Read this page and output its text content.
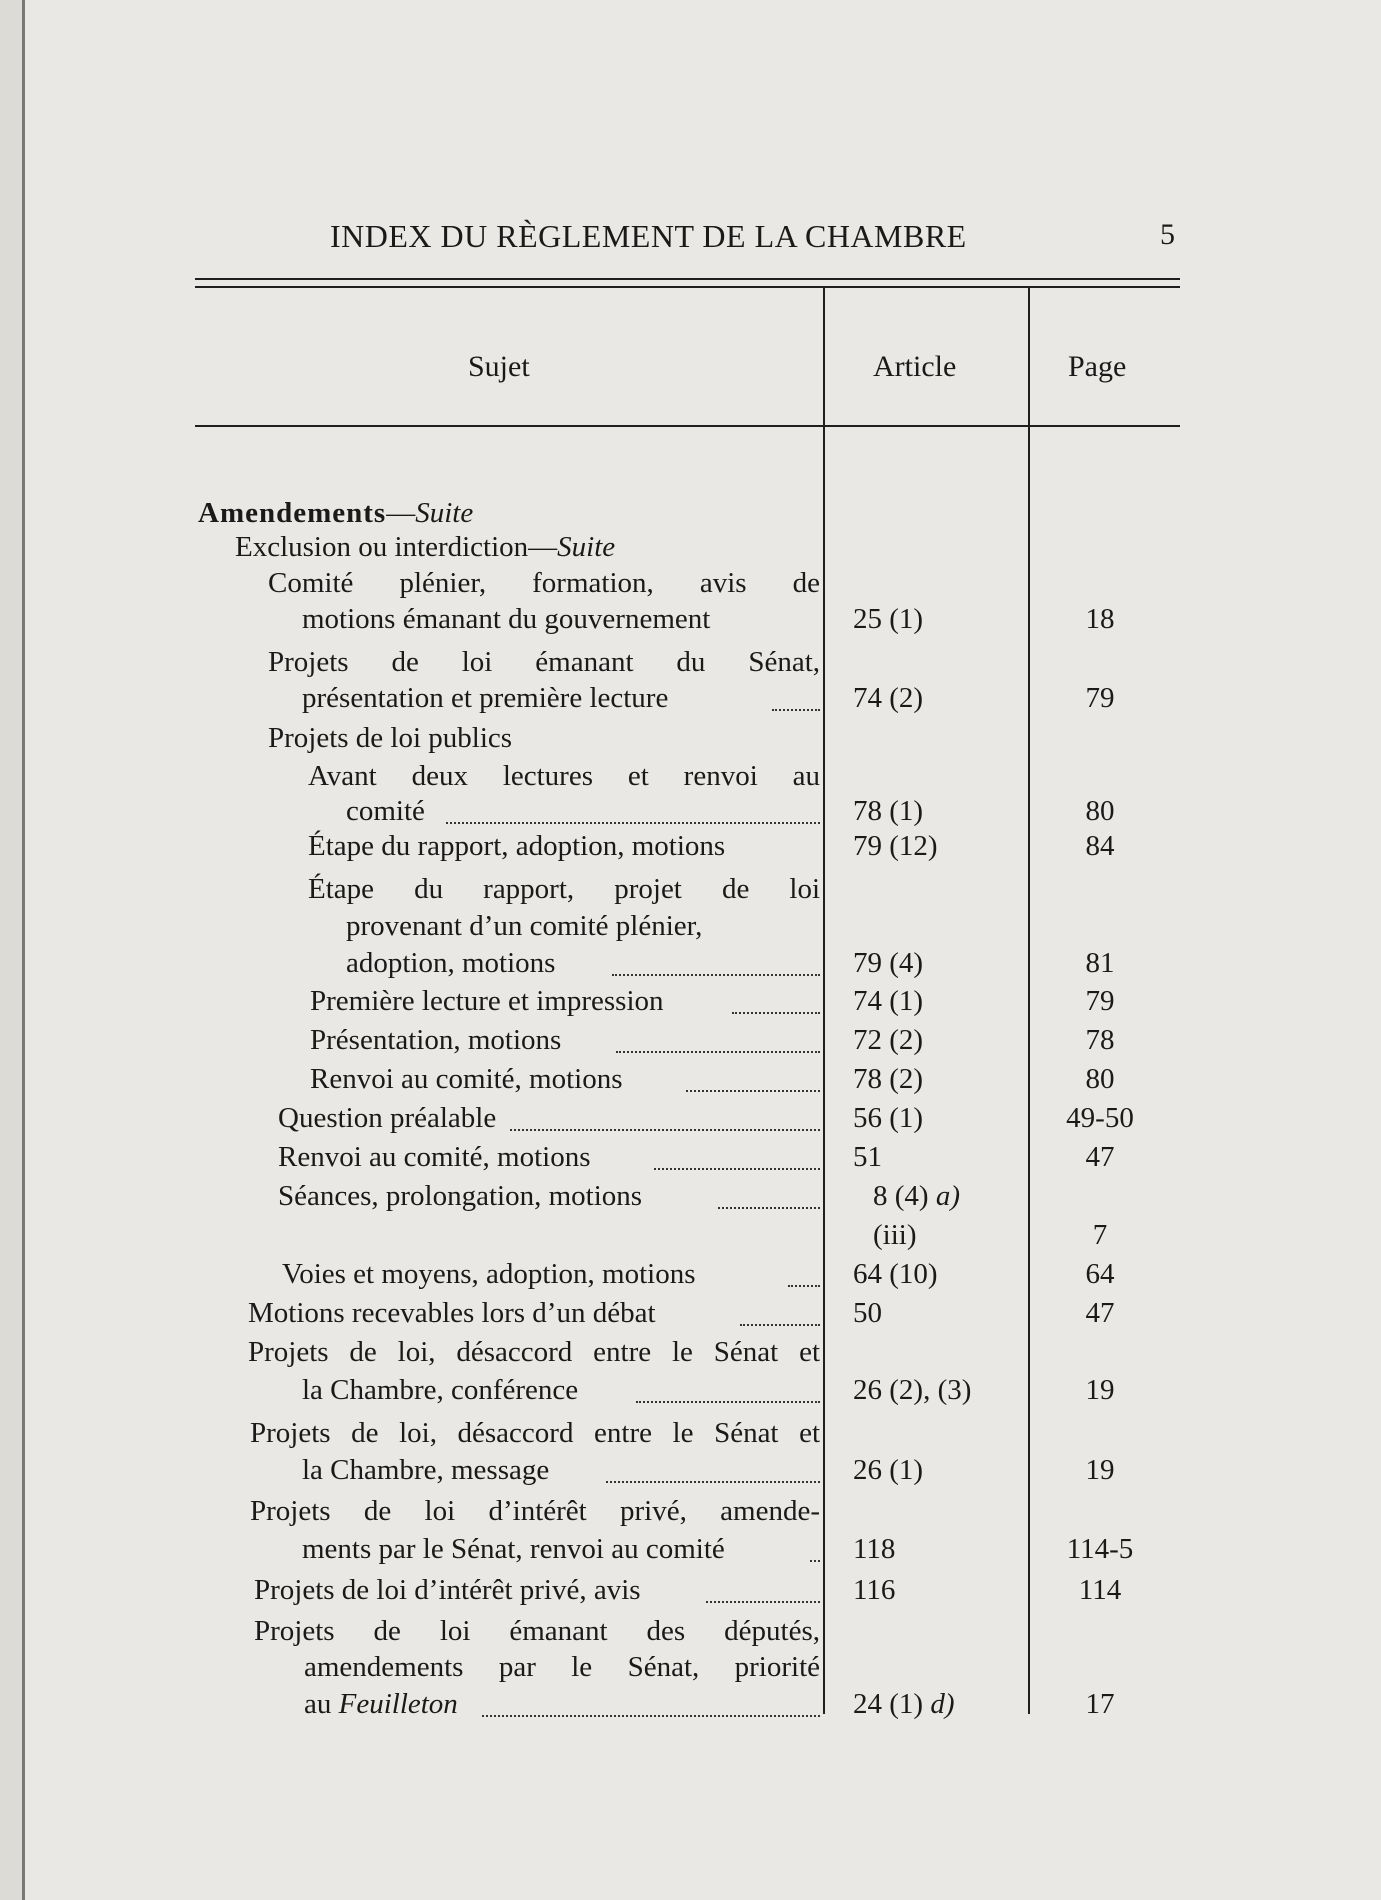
INDEX DU RÈGLEMENT DE LA CHAMBRE	5
Sujet	Article	Page
Amendements—Suite
Exclusion ou interdiction—Suite
Comité plénier, formation, avis de
motions émanant du gouvernement	25 (1)	18
Projets de loi émanant du Sénat,
présentation et première lecture	74 (2)	79
Projets de loi publics
Avant deux lectures et renvoi au
comité	78 (1)	80
Étape du rapport, adoption, motions	79 (12)	84
Étape du rapport, projet de loi
provenant d’un comité plénier,
adoption, motions	79 (4)	81
Première lecture et impression	74 (1)	79
Présentation, motions	72 (2)	78
Renvoi au comité, motions	78 (2)	80
Question préalable	56 (1)	49-50
Renvoi au comité, motions	51	47
Séances, prolongation, motions	8 (4) a)
(iii)	7
Voies et moyens, adoption, motions	64 (10)	64
Motions recevables lors d’un débat	50	47
Projets de loi, désaccord entre le Sénat et
la Chambre, conférence	26 (2), (3)	19
Projets de loi, désaccord entre le Sénat et
la Chambre, message	26 (1)	19
Projets de loi d’intérêt privé, amende-
ments par le Sénat, renvoi au comité	118	114-5
Projets de loi d’intérêt privé, avis	116	114
Projets de loi émanant des députés,
amendements par le Sénat, priorité
au Feuilleton	24 (1) d)	17
